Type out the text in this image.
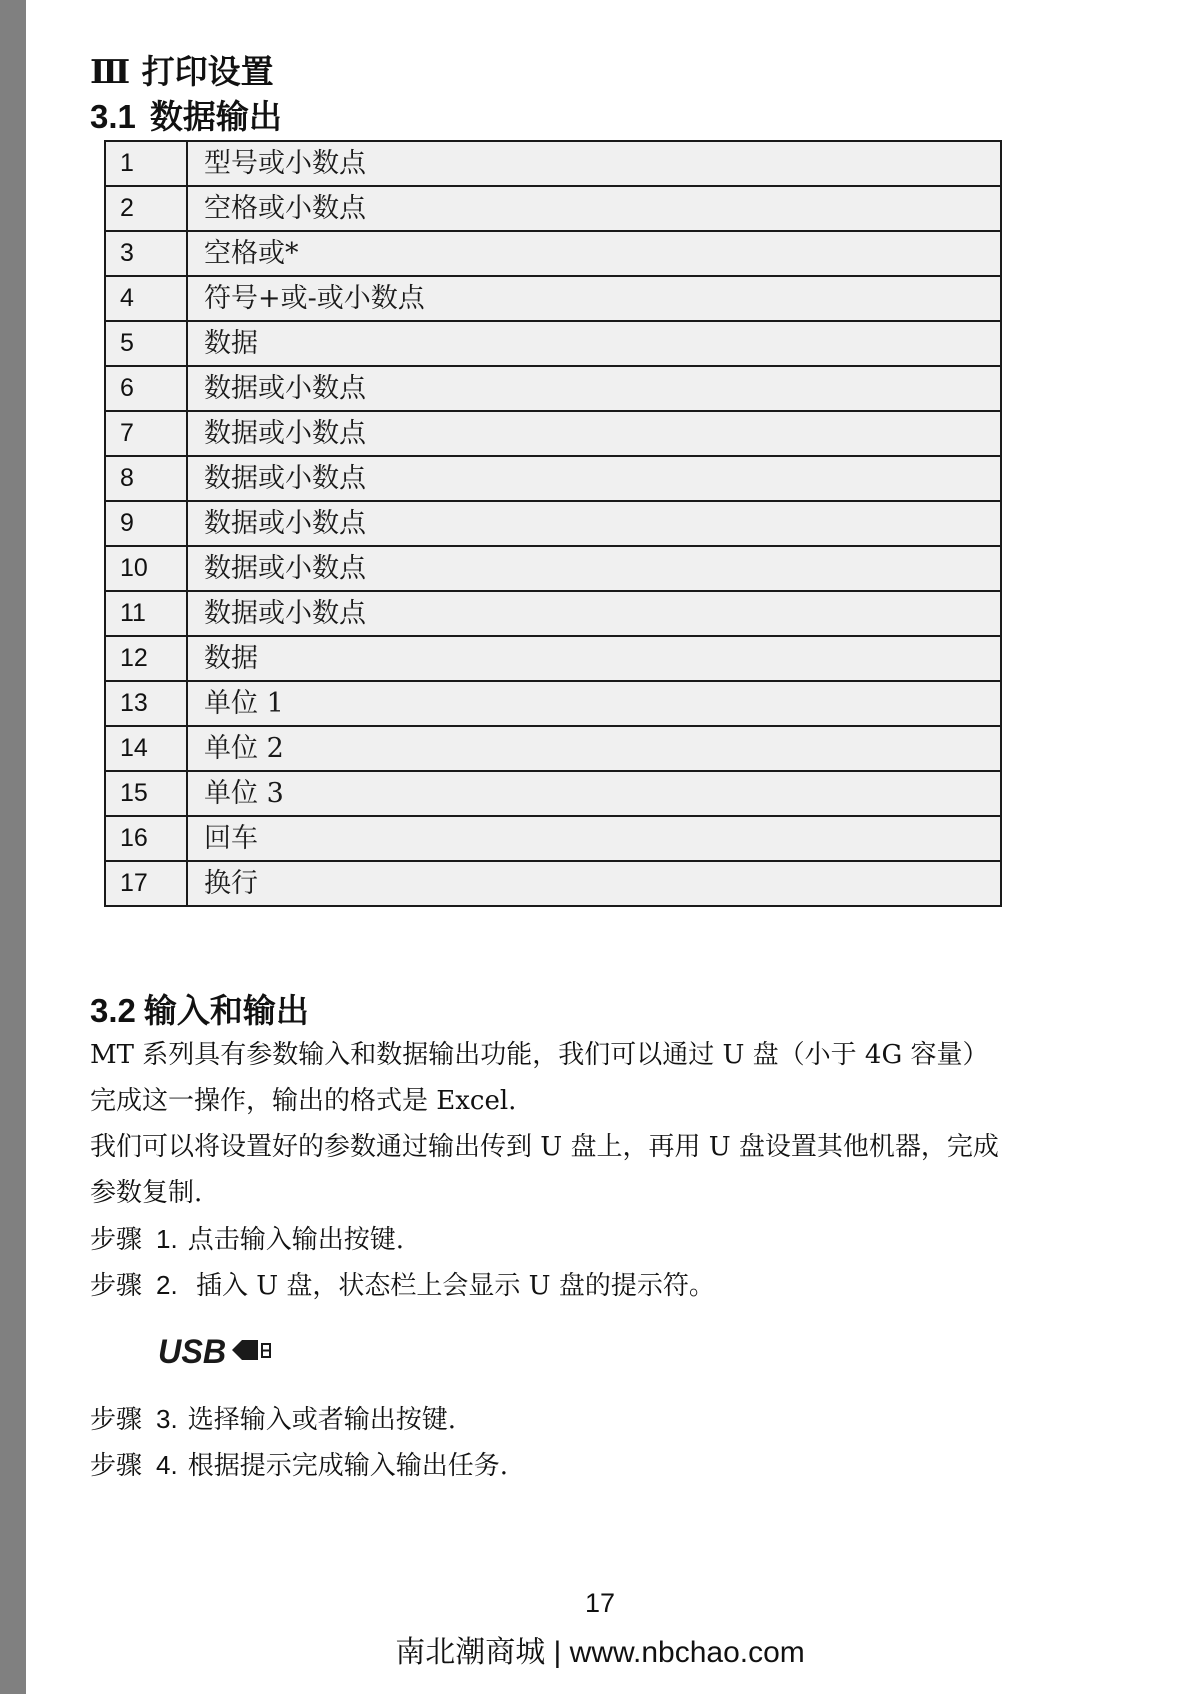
Ⅲ 打印设置
3.1 数据输出
1	型号或小数点
2	空格或小数点
3	空格或*
4	符号+或-或小数点
5	数据
6	数据或小数点
7	数据或小数点
8	数据或小数点
9	数据或小数点
10	数据或小数点
11	数据或小数点
12	数据
13	单位 1
14	单位 2
15	单位 3
16	回车
17	换行
3.2 输入和输出
MT 系列具有参数输入和数据输出功能，我们可以通过 U 盘（小于 4G 容量）
完成这一操作，输出的格式是 Excel.
我们可以将设置好的参数通过输出传到 U 盘上，再用 U 盘设置其他机器，完成
参数复制.
步骤 1. 点击输入输出按键.
步骤 2. 插入 U 盘，状态栏上会显示 U 盘的提示符。
USB
步骤 3. 选择输入或者输出按键.
步骤 4. 根据提示完成输入输出任务.
17
南北潮商城 | www.nbchao.com
